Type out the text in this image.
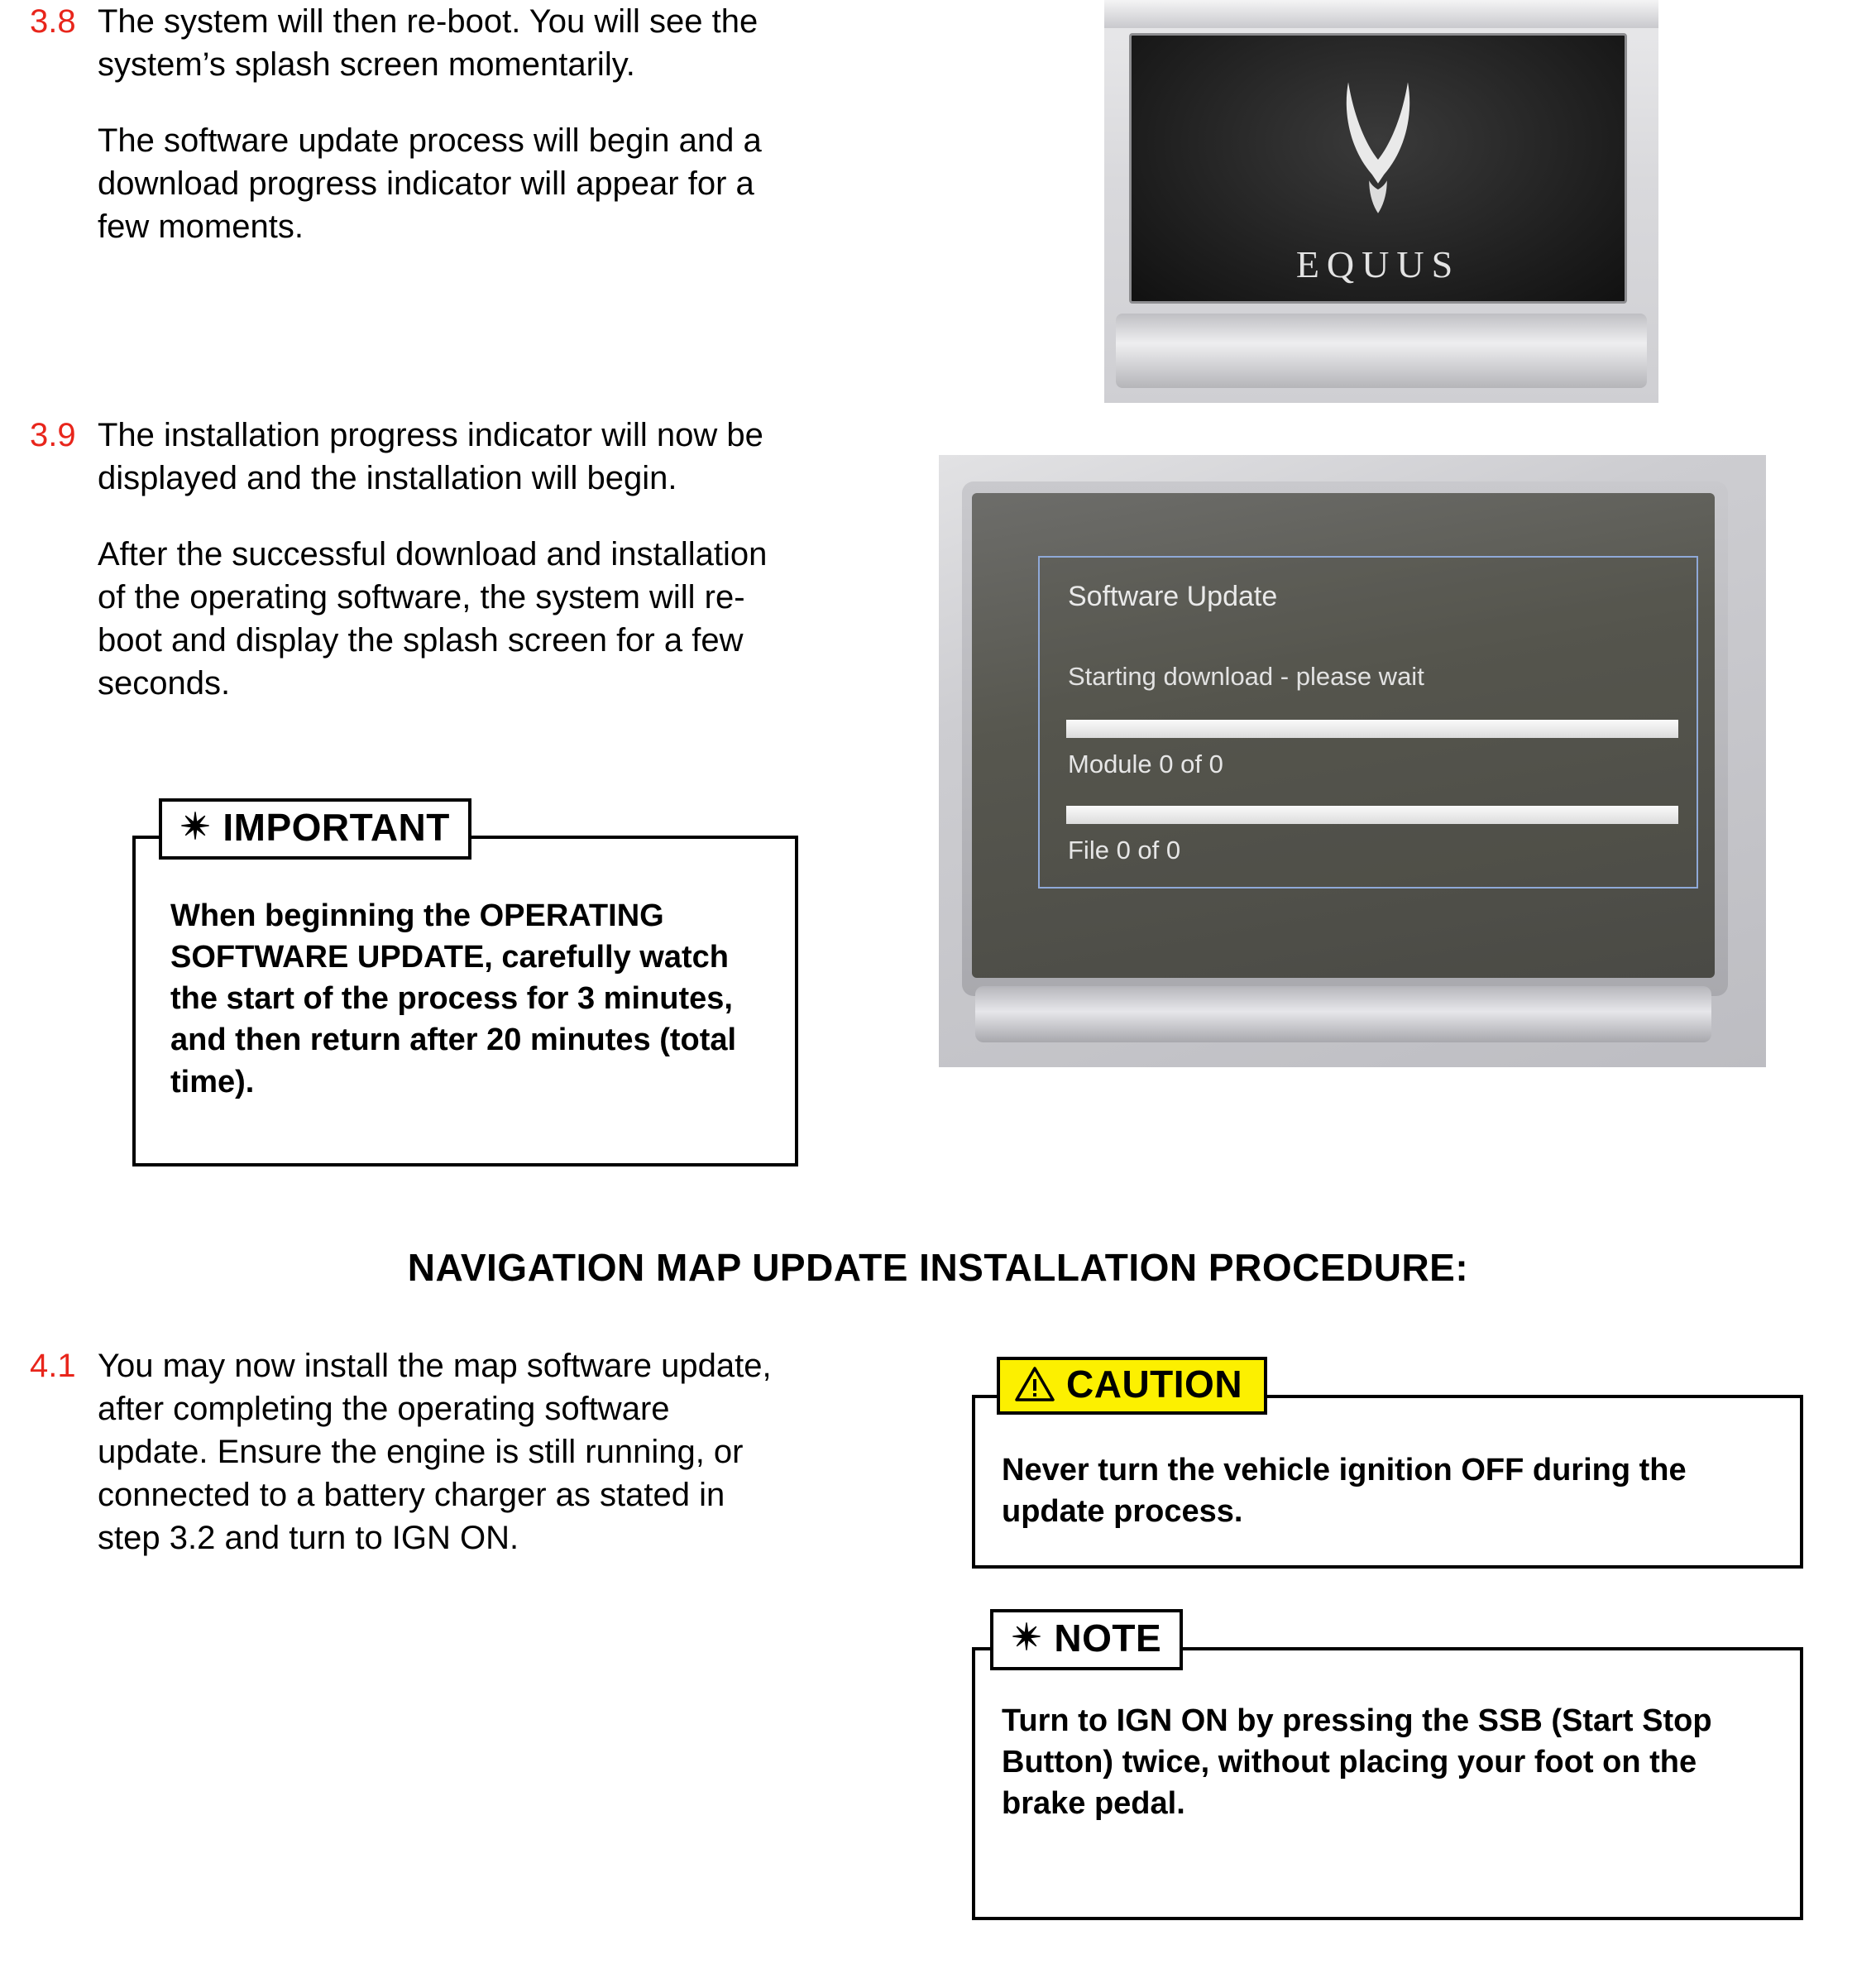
3.8 The system will then re-boot. You will see the system’s splash screen momentarily.

The software update process will begin and a download progress indicator will appear for a few moments.

3.9 The installation progress indicator will now be displayed and the installation will begin.

After the successful download and installation of the operating software, the system will re-boot and display the splash screen for a few seconds.

When beginning the OPERATING SOFTWARE UPDATE, carefully watch the start of the process for 3 minutes, and then return after 20 minutes (total time).
✴ IMPORTANT
EQUUS
Software Update
Starting download - please wait
Module 0 of 0
File 0 of 0
NAVIGATION MAP UPDATE INSTALLATION PROCEDURE:
4.1 You may now install the map software update, after completing the operating software update. Ensure the engine is still running, or connected to a battery charger as stated in step 3.2 and turn to IGN ON.

Never turn the vehicle ignition OFF during the update process.
CAUTION
Turn to IGN ON by pressing the SSB (Start Stop Button) twice, without placing your foot on the brake pedal.
✴ NOTE
